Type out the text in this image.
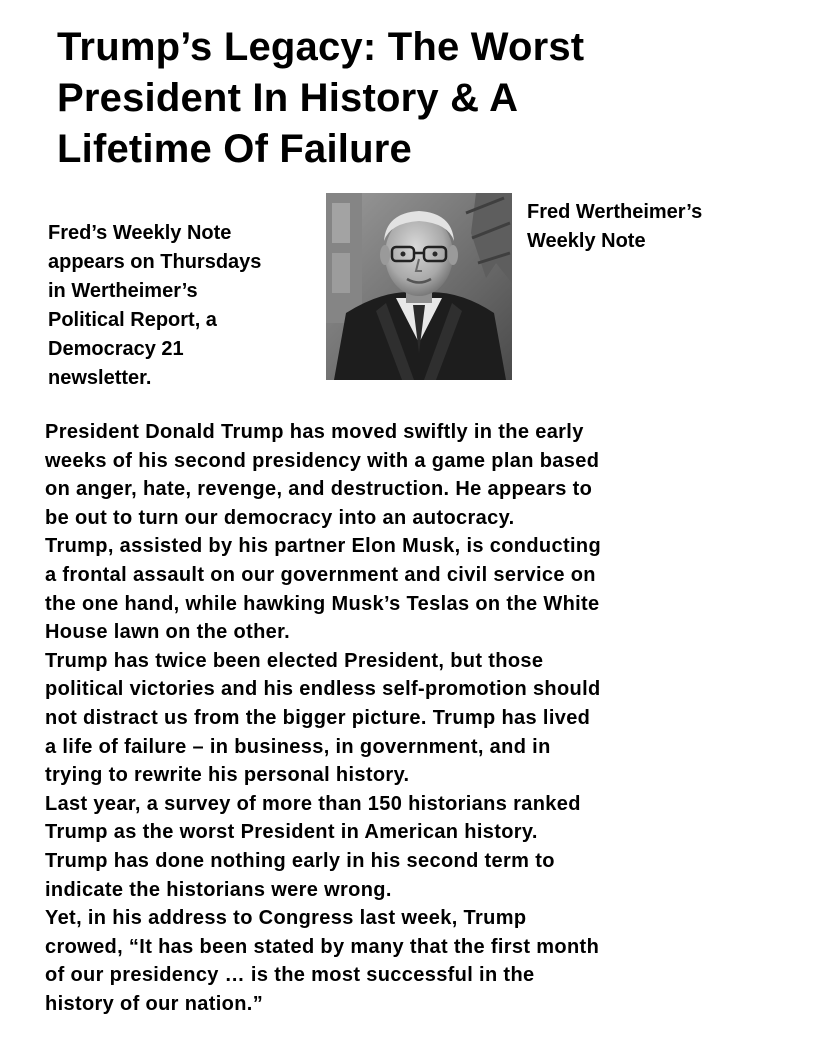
Trump’s Legacy: The Worst
President In History & A
Lifetime Of Failure

Fred’s Weekly Note
appears on Thursdays
in Wertheimer’s
Political Report, a
Democracy 21
newsletter.

Fred Wertheimer’s
Weekly Note

President Donald Trump has moved swiftly in the early
weeks of his second presidency with a game plan based
on anger, hate, revenge, and destruction. He appears to
be out to turn our democracy into an autocracy.

Trump, assisted by his partner Elon Musk, is conducting
a frontal assault on our government and civil service on
the one hand, while hawking Musk’s Teslas on the White
House lawn on the other.

Trump has twice been elected President, but those
political victories and his endless self-promotion should
not distract us from the bigger picture. Trump has lived
a life of failure – in business, in government, and in
trying to rewrite his personal history.

Last year, a survey of more than 150 historians ranked
Trump as the worst President in American history.
Trump has done nothing early in his second term to
indicate the historians were wrong.

Yet, in his address to Congress last week, Trump
crowed, “It has been stated by many that the first month
of our presidency … is the most successful in the
history of our nation.”
